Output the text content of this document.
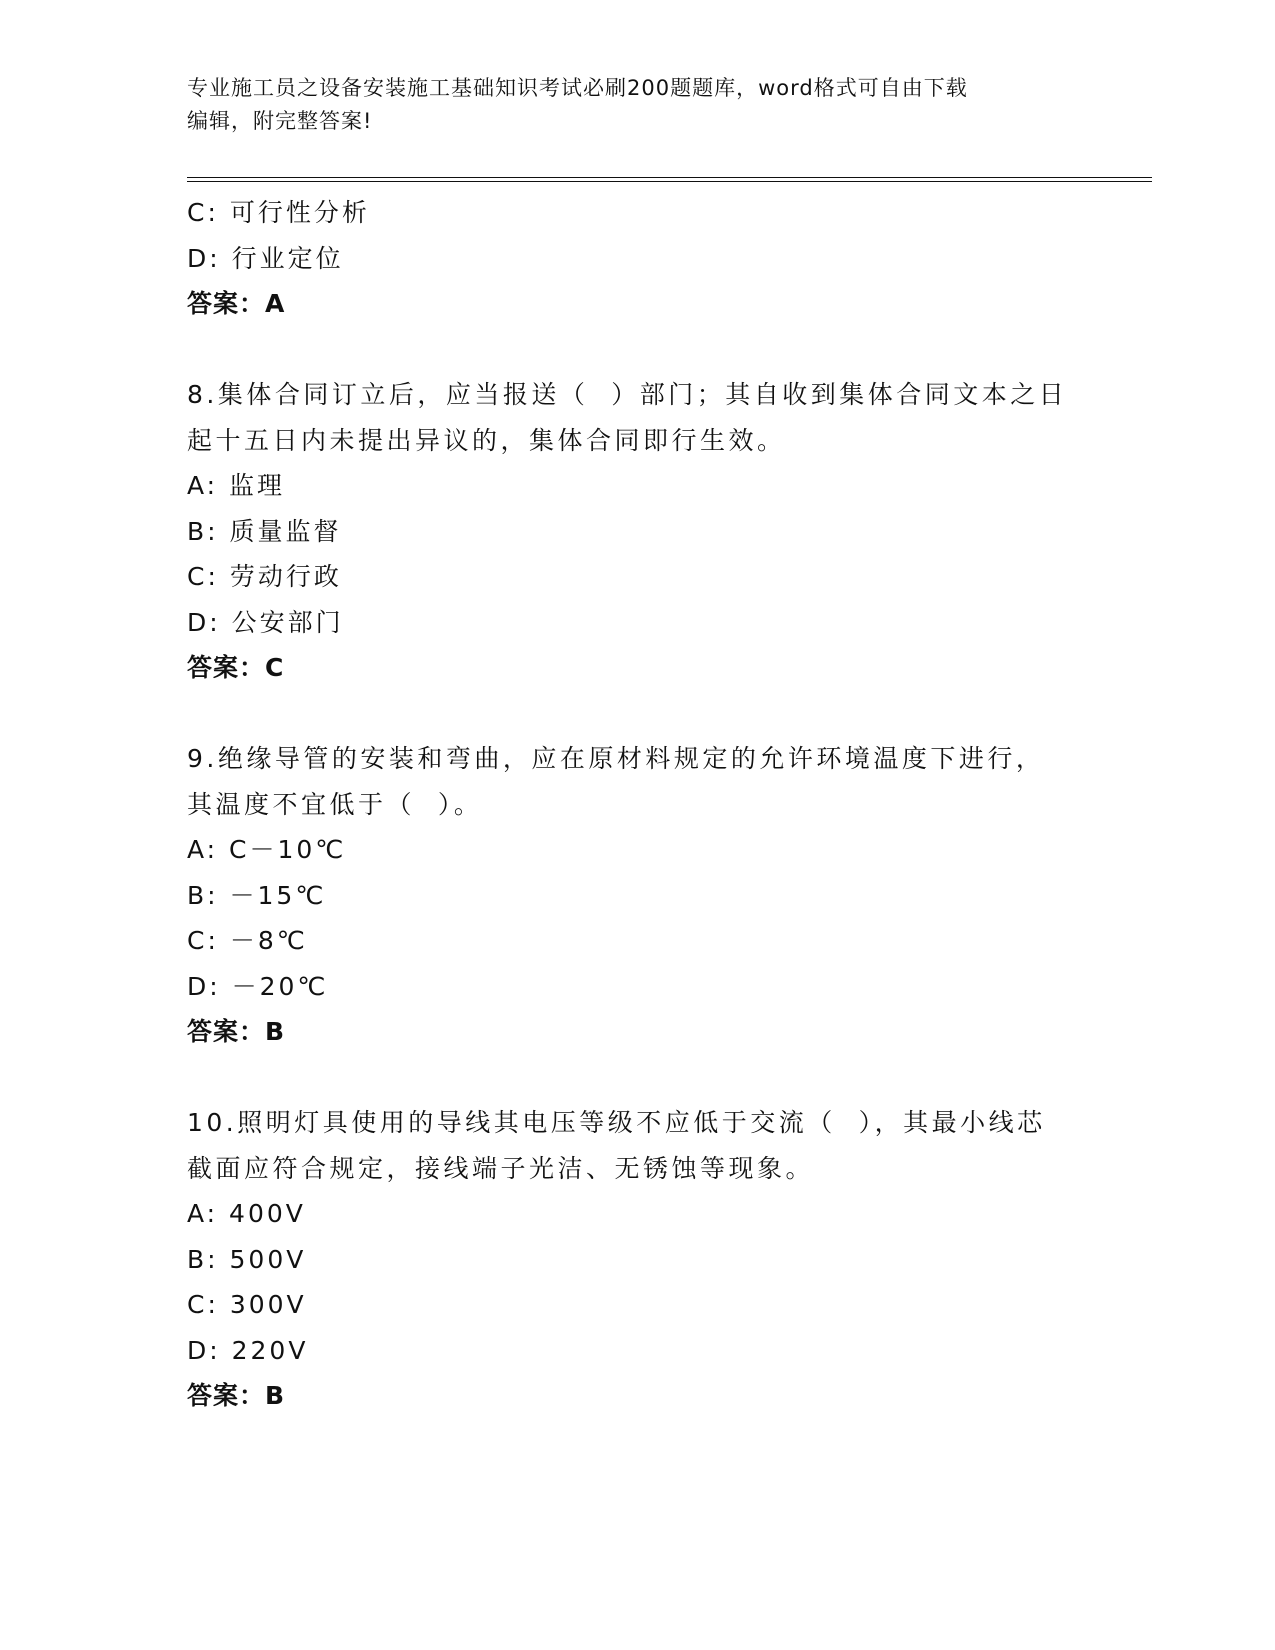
专业施工员之设备安装施工基础知识考试必刷200题题库，word格式可自由下载
编辑，附完整答案!
C: 可行性分析
D: 行业定位
答案：A
8.集体合同订立后，应当报送（  ）部门；其自收到集体合同文本之日
起十五日内未提出异议的，集体合同即行生效。
A: 监理
B: 质量监督
C: 劳动行政
D: 公安部门
答案：C
9.绝缘导管的安装和弯曲，应在原材料规定的允许环境温度下进行，
其温度不宜低于（  ）。
A: C－10℃
B: －15℃
C: －8℃
D: －20℃
答案：B
10.照明灯具使用的导线其电压等级不应低于交流（  ），其最小线芯
截面应符合规定，接线端子光洁、无锈蚀等现象。
A: 400V
B: 500V
C: 300V
D: 220V
答案：B
